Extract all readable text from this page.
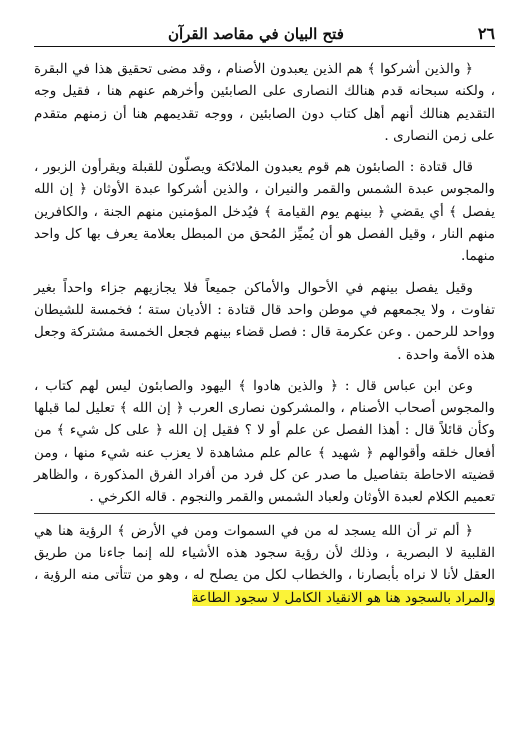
٢٦
فتح البيان في مقاصد القرآن

﴿ والذين أشركوا ﴾ هم الذين يعبدون الأصنام ، وقد مضى تحقيق هذا في البقرة ، ولكنه سبحانه قدم هنالك النصارى على الصابئين وأخرهم عنهم هنا ، فقيل وجه التقديم هنالك أنهم أهل كتاب دون الصابئين ، ووجه تقديمهم هنا أن زمنهم متقدم على زمن النصارى .

قال قتادة : الصابئون هم قوم يعبدون الملائكة ويصلّون للقبلة ويقرأون الزبور ، والمجوس عبدة الشمس والقمر والنيران ، والذين أشركوا عبدة الأوثان ﴿ إن الله يفصل ﴾ أي يقضي ﴿ بينهم يوم القيامة ﴾ فيُدخل المؤمنين منهم الجنة ، والكافرين منهم النار ، وقيل الفصل هو أن يُميِّز المُحق من المبطل بعلامة يعرف بها كل واحد منهما.

وقيل يفصل بينهم في الأحوال والأماكن جميعاً فلا يجازيهم جزاء واحداً بغير تفاوت ، ولا يجمعهم في موطن واحد قال قتادة : الأديان ستة ؛ فخمسة للشيطان وواحد للرحمن . وعن عكرمة قال : فصل قضاء بينهم فجعل الخمسة مشتركة وجعل هذه الأمة واحدة .

وعن ابن عباس قال : ﴿ والذين هادوا ﴾ اليهود والصابئون ليس لهم كتاب ، والمجوس أصحاب الأصنام ، والمشركون نصارى العرب ﴿ إن الله ﴾ تعليل لما قبلها وكأن قائلاً قال : أهذا الفصل عن علم أو لا ؟ فقيل إن الله ﴿ على كل شيء ﴾ من أفعال خلقه وأقوالهم ﴿ شهيد ﴾ عالم علم مشاهدة لا يعزب عنه شيء منها ، ومن قضيته الاحاطة بتفاصيل ما صدر عن كل فرد من أفراد الفرق المذكورة ، والظاهر تعميم الكلام لعبدة الأوثان ولعباد الشمس والقمر والنجوم . قاله الكرخي .

﴿ ألم تر أن الله يسجد له من في السموات ومن في الأرض ﴾ الرؤية هنا هي القلبية لا البصرية ، وذلك لأن رؤية سجود هذه الأشياء لله إنما جاءنا من طريق العقل لأنا لا نراه بأبصارنا ، والخطاب لكل من يصلح له ، وهو من تتأتى منه الرؤية ، والمراد بالسجود هنا هو الانقياد الكامل لا سجود الطاعة
